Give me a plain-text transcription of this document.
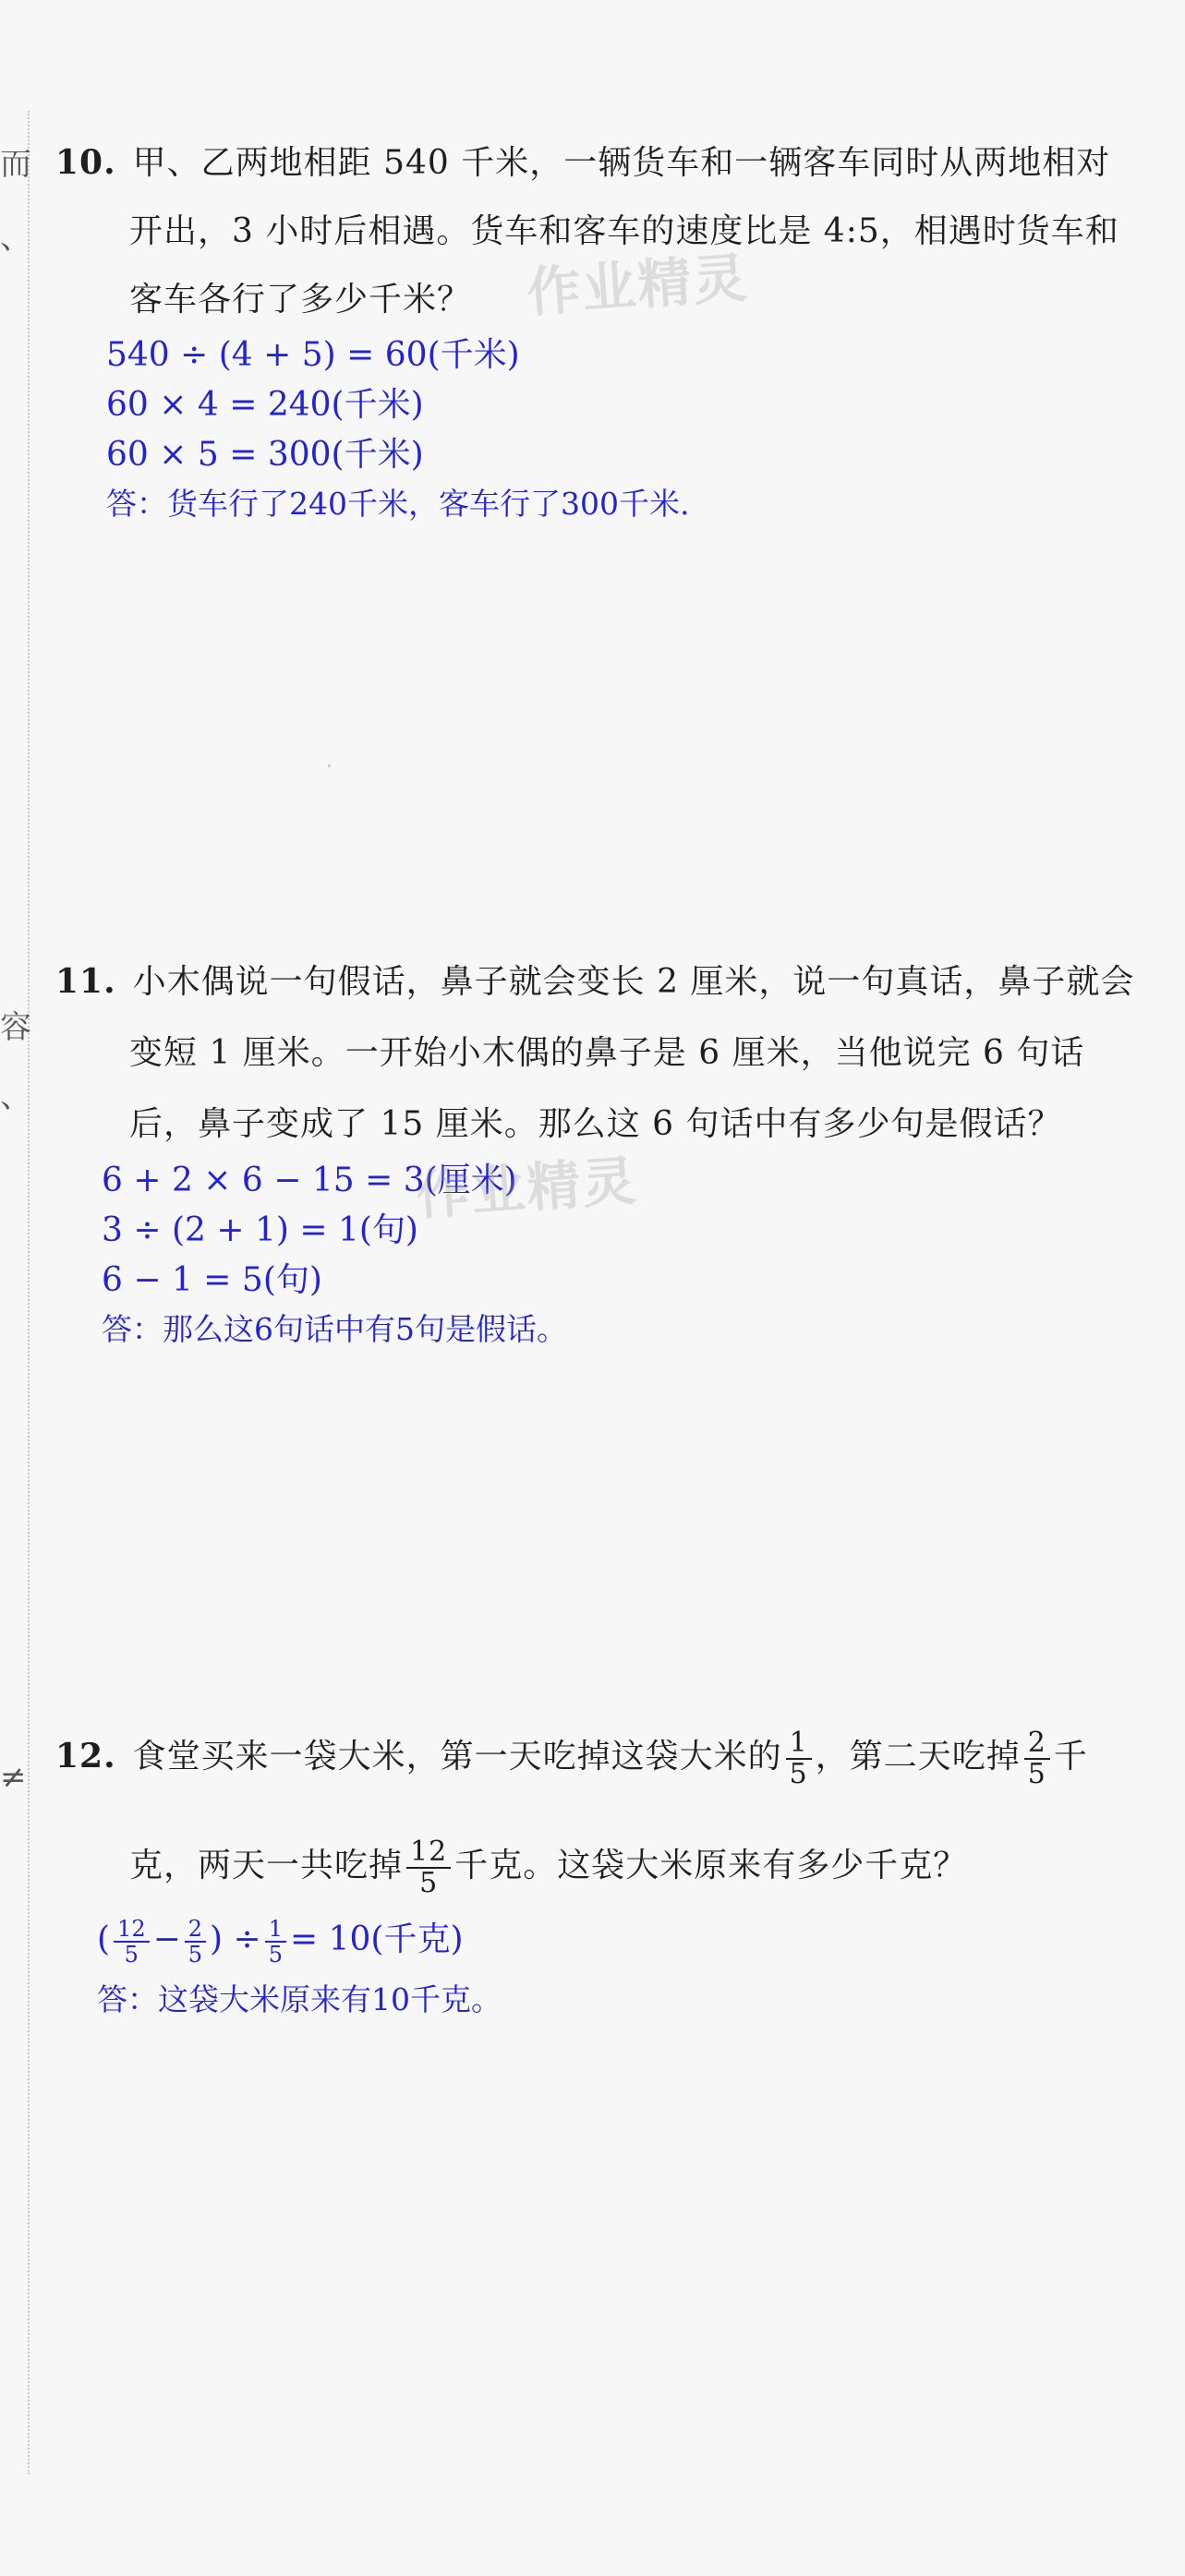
而
、
容
、
≠
10. 甲、乙两地相距 540 千米，一辆货车和一辆客车同时从两地相对
开出，3 小时后相遇。货车和客车的速度比是 4:5，相遇时货车和
客车各行了多少千米？
540 ÷ (4 + 5) = 60(千米)
60 × 4 = 240(千米)
60 × 5 = 300(千米)
答：货车行了240千米，客车行了300千米.
作业精灵
11. 小木偶说一句假话，鼻子就会变长 2 厘米，说一句真话，鼻子就会
变短 1 厘米。一开始小木偶的鼻子是 6 厘米，当他说完 6 句话
后，鼻子变成了 15 厘米。那么这 6 句话中有多少句是假话？
6 + 2 × 6 − 15 = 3(厘米)
3 ÷ (2 + 1) = 1(句)
6 − 1 = 5(句)
答：那么这6句话中有5句是假话。
作业精灵
12. 食堂买来一袋大米，第一天吃掉这袋大米的 $\frac{1}{5}$ ，第二天吃掉 $\frac{2}{5}$ 千
克，两天一共吃掉 $\frac{12}{5}$ 千克。这袋大米原来有多少千克？
( $\frac{12}{5} - \frac{2}{5}$ ) ÷ $\frac{1}{5} = 10$(千克)
答：这袋大米原来有10千克。
